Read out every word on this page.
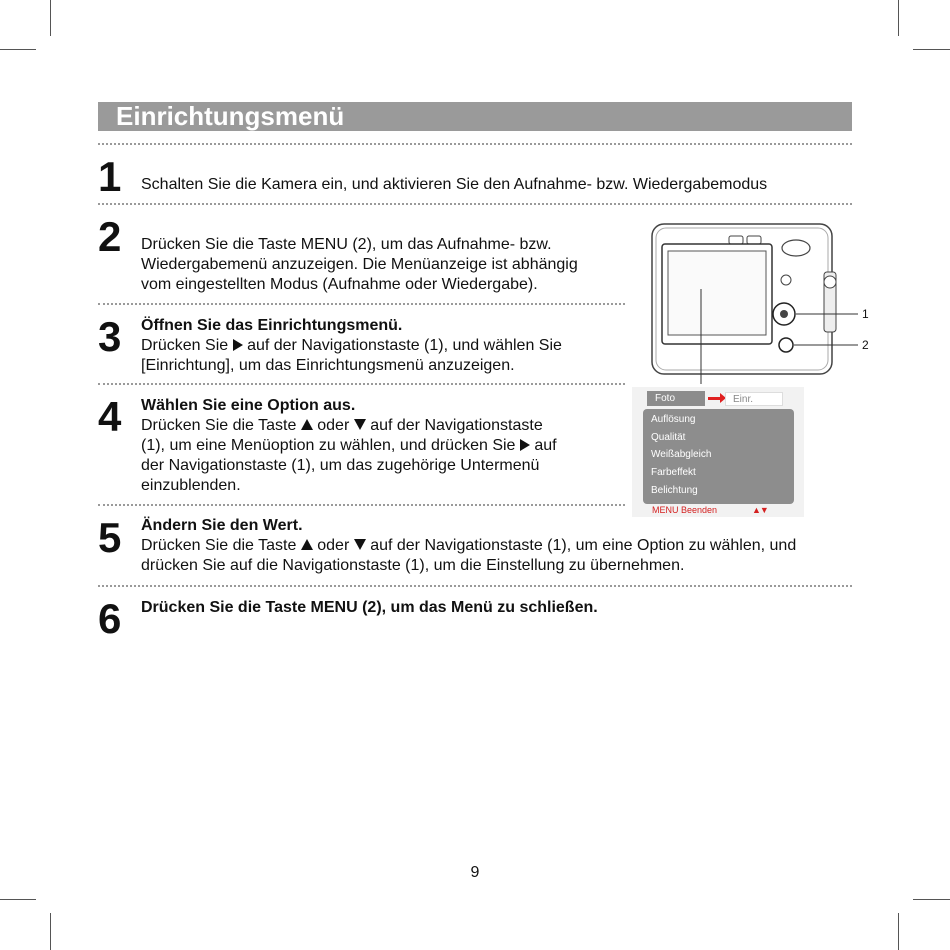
Einrichtungsmenü
1 Schalten Sie die Kamera ein, und aktivieren Sie den Aufnahme- bzw. Wiedergabemodus
2 Drücken Sie die Taste MENU (2), um das Aufnahme- bzw.
Wiedergabemenü anzuzeigen. Die Menüanzeige ist abhängig
vom eingestellten Modus (Aufnahme oder Wiedergabe).
3 Öffnen Sie das Einrichtungsmenü.
Drücken Sie auf der Navigationstaste (1), und wählen Sie
[Einrichtung], um das Einrichtungsmenü anzuzeigen.
4 Wählen Sie eine Option aus.
Drücken Sie die Taste oder auf der Navigationstaste
(1), um eine Menüoption zu wählen, und drücken Sie auf
der Navigationstaste (1), um das zugehörige Untermenü
einzublenden.
5 Ändern Sie den Wert.
Drücken Sie die Taste oder auf der Navigationstaste (1), um eine Option zu wählen, und
drücken Sie auf die Navigationstaste (1), um die Einstellung zu übernehmen.
6 Drücken Sie die Taste MENU (2), um das Menü zu schließen.
1
2
Foto	Einr.
Auflösung
Qualität
Weißabgleich
Farbeffekt
Belichtung
MENU Beenden	▲▼
9
